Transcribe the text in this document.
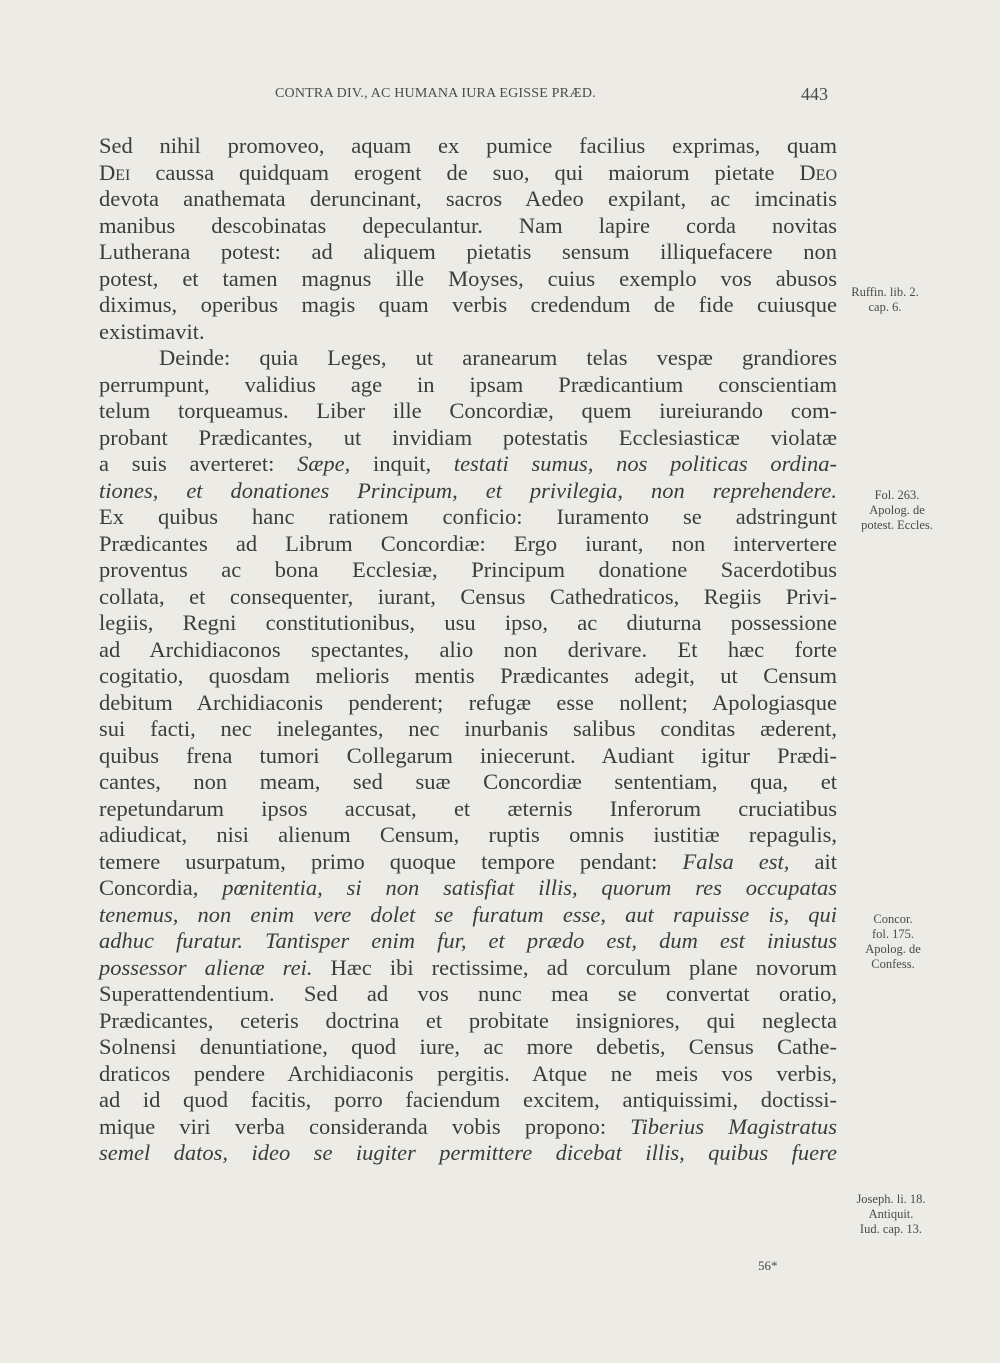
CONTRA DIV., AC HUMANA IURA EGISSE PRÆD.	443
Sed nihil promoveo, aquam ex pumice facilius exprimas, quam
Dei caussa quidquam erogent de suo, qui maiorum pietate Deo
devota anathemata deruncinant, sacros Aedeo expilant, ac imcinatis
manibus descobinatas depeculantur. Nam lapire corda novitas
Lutherana potest: ad aliquem pietatis sensum illiquefacere non
potest, et tamen magnus ille Moyses, cuius exemplo vos abusos
diximus, operibus magis quam verbis credendum de fide cuiusque
existimavit.
Deinde: quia Leges, ut aranearum telas vespæ grandiores
perrumpunt, validius age in ipsam Prædicantium conscientiam
telum torqueamus. Liber ille Concordiæ, quem iureiurando com-
probant Prædicantes, ut invidiam potestatis Ecclesiasticæ violatæ
a suis averteret: Sæpe, inquit, testati sumus, nos politicas ordina-
tiones, et donationes Principum, et privilegia, non reprehendere.
Ex quibus hanc rationem conficio: Iuramento se adstringunt
Prædicantes ad Librum Concordiæ: Ergo iurant, non intervertere
proventus ac bona Ecclesiæ, Principum donatione Sacerdotibus
collata, et consequenter, iurant, Census Cathedraticos, Regiis Privi-
legiis, Regni constitutionibus, usu ipso, ac diuturna possessione
ad Archidiaconos spectantes, alio non derivare. Et hæc forte
cogitatio, quosdam melioris mentis Prædicantes adegit, ut Censum
debitum Archidiaconis penderent; refugæ esse nollent; Apologiasque
sui facti, nec inelegantes, nec inurbanis salibus conditas æderent,
quibus frena tumori Collegarum iniecerunt. Audiant igitur Prædi-
cantes, non meam, sed suæ Concordiæ sententiam, qua, et
repetundarum ipsos accusat, et æternis Inferorum cruciatibus
adiudicat, nisi alienum Censum, ruptis omnis iustitiæ repagulis,
temere usurpatum, primo quoque tempore pendant: Falsa est, ait
Concordia, pœnitentia, si non satisfiat illis, quorum res occupatas
tenemus, non enim vere dolet se furatum esse, aut rapuisse is, qui
adhuc furatur. Tantisper enim fur, et prædo est, dum est iniustus
possessor alienæ rei. Hæc ibi rectissime, ad corculum plane novorum
Superattendentium. Sed ad vos nunc mea se convertat oratio,
Prædicantes, ceteris doctrina et probitate insigniores, qui neglecta
Solnensi denuntiatione, quod iure, ac more debetis, Census Cathe-
draticos pendere Archidiaconis pergitis. Atque ne meis vos verbis,
ad id quod facitis, porro faciendum excitem, antiquissimi, doctissi-
mique viri verba consideranda vobis propono: Tiberius Magistratus
semel datos, ideo se iugiter permittere dicebat illis, quibus fuere
Ruffin. lib. 2.
cap. 6.
Fol. 263.
Apolog. de
potest. Eccles.
Concor.
fol. 175.
Apolog. de
Confess.
Joseph. li. 18.
Antiquit.
Iud. cap. 13.
56*
